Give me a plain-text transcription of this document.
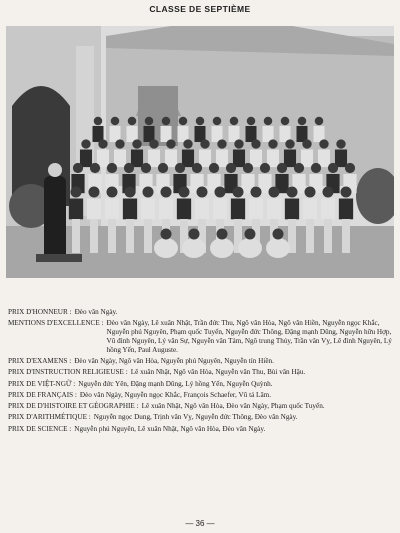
CLASSE DE SEPTIÈME
PRIX D'HONNEUR : Đèo văn Ngày.
MENTIONS D'EXCELLENCE : Đèo văn Ngày, Lê xuân Nhật, Trần đức Thu, Ngô văn Hòa, Ngô văn Hiền, Nguyễn ngọc Khắc, Nguyễn phú Nguyên, Phạm quốc Tuyến, Nguyễn đức Thông, Đặng mạnh Dũng, Nguyễn hữu Hợp, Vũ đình Nguyên, Lý văn Sự, Nguyễn văn Tám, Ngô trung Thủy, Trần văn Vỵ, Lê đình Nguyên, Lý hồng Yến, Paul Auguste.
PRIX D'EXAMENS : Đèo văn Ngày, Ngô văn Hòa, Nguyễn phú Nguyên, Nguyễn tín Hiền.
PRIX D'INSTRUCTION RELIGIEUSE : Lê xuân Nhật, Ngô văn Hòa, Nguyễn văn Thu, Bùi văn Hậu.
PRIX DE VIỆT-NGỮ : Nguyễn đức Yên, Đặng mạnh Dũng, Lý hồng Yến, Nguyễn Quỳnh.
PRIX DE FRANÇAIS : Đèo văn Ngày, Nguyễn ngọc Khắc, François Schaefer, Vũ tá Lâm.
PRIX DE D'HISTOIRE ET GÉOGRAPHIE : Lê xuân Nhật, Ngô văn Hòa, Đèo văn Ngày, Phạm quốc Tuyến.
PRIX D'ARITHMÉTIQUE : Nguyễn ngọc Dung, Trịnh văn Vỵ, Nguyễn đức Thông, Đèo văn Ngày.
PRIX DE SCIENCE : Nguyễn phú Nguyên, Lê xuân Nhật, Ngô văn Hòa, Đèo văn Ngày.
— 36 —
